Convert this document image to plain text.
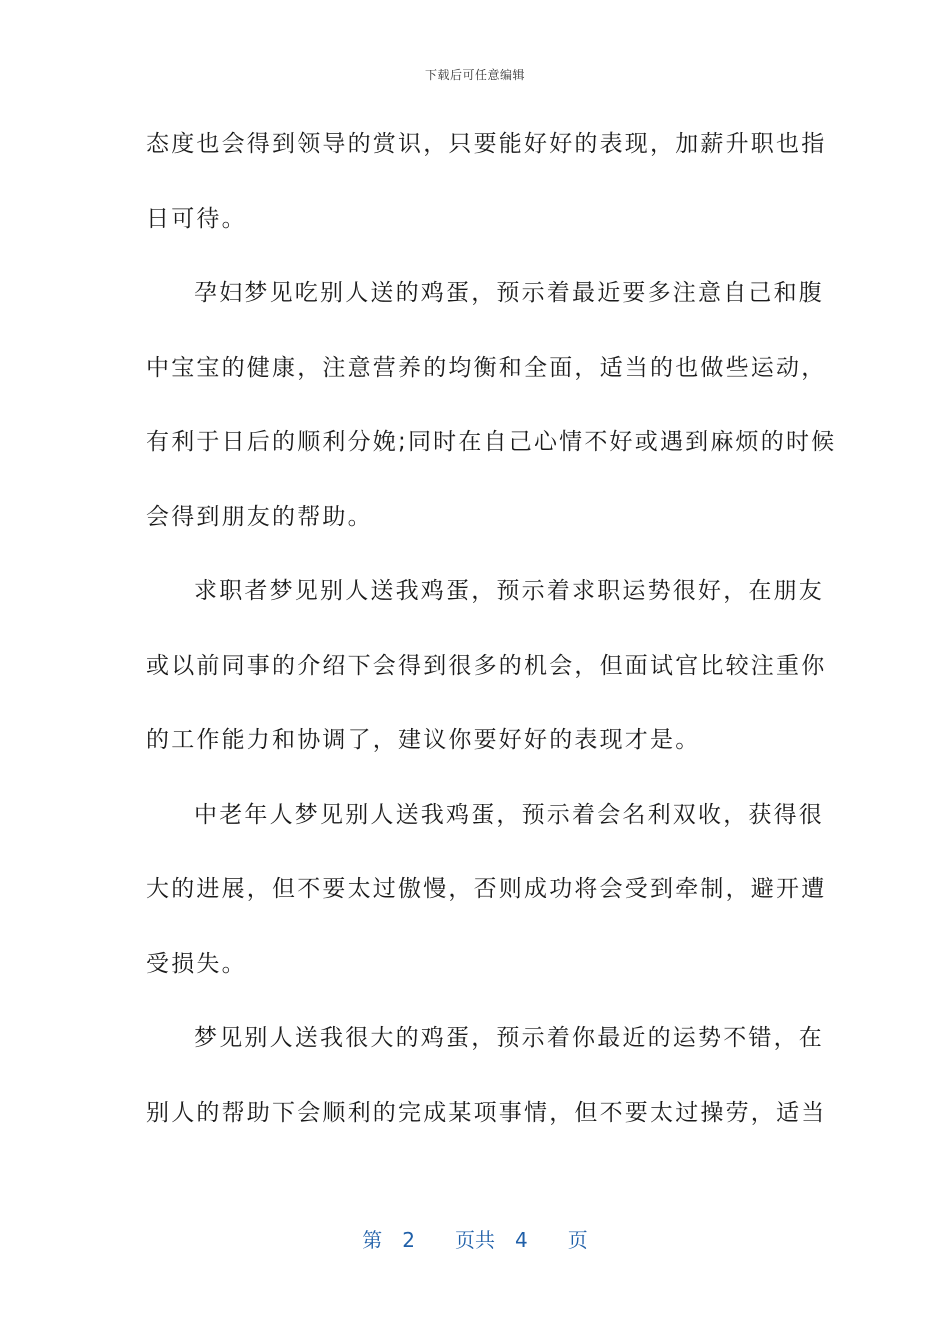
下载后可任意编辑
态度也会得到领导的赏识，只要能好好的表现，加薪升职也指
日可待。
孕妇梦见吃别人送的鸡蛋，预示着最近要多注意自己和腹
中宝宝的健康，注意营养的均衡和全面，适当的也做些运动，
有利于日后的顺利分娩;同时在自己心情不好或遇到麻烦的时候
会得到朋友的帮助。
求职者梦见别人送我鸡蛋，预示着求职运势很好，在朋友
或以前同事的介绍下会得到很多的机会，但面试官比较注重你
的工作能力和协调了，建议你要好好的表现才是。
中老年人梦见别人送我鸡蛋，预示着会名利双收，获得很
大的进展，但不要太过傲慢，否则成功将会受到牵制，避开遭
受损失。
梦见别人送我很大的鸡蛋，预示着你最近的运势不错，在
别人的帮助下会顺利的完成某项事情，但不要太过操劳，适当
第 2 页共 4 页
